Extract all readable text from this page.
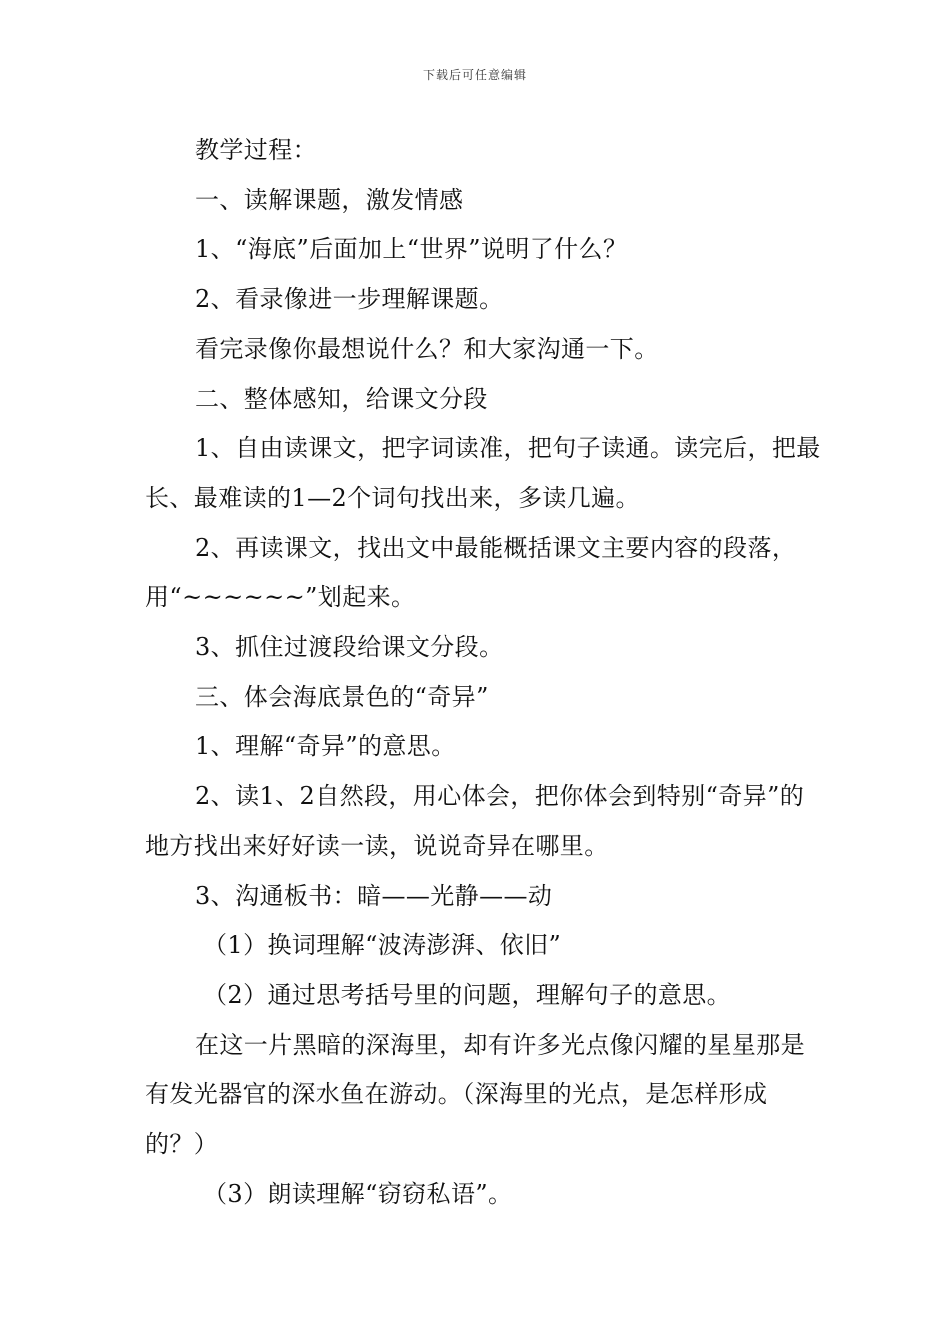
下载后可任意编辑

教学过程：

一、读解课题，激发情感

1、“海底”后面加上“世界”说明了什么？

2、看录像进一步理解课题。

看完录像你最想说什么？和大家沟通一下。

二、整体感知，给课文分段

1、自由读课文，把字词读准，把句子读通。读完后，把最长、最难读的1—2个词句找出来，多读几遍。

2、再读课文，找出文中最能概括课文主要内容的段落，用“~~~~~~”划起来。

3、抓住过渡段给课文分段。

三、体会海底景色的“奇异”

1、理解“奇异”的意思。

2、读1、2自然段，用心体会，把你体会到特别“奇异”的地方找出来好好读一读，说说奇异在哪里。

3、沟通板书：暗——光静——动

（1）换词理解“波涛澎湃、依旧”

（2）通过思考括号里的问题，理解句子的意思。

在这一片黑暗的深海里，却有许多光点像闪耀的星星那是有发光器官的深水鱼在游动。（深海里的光点，是怎样形成的？）

（3）朗读理解“窃窃私语”。
